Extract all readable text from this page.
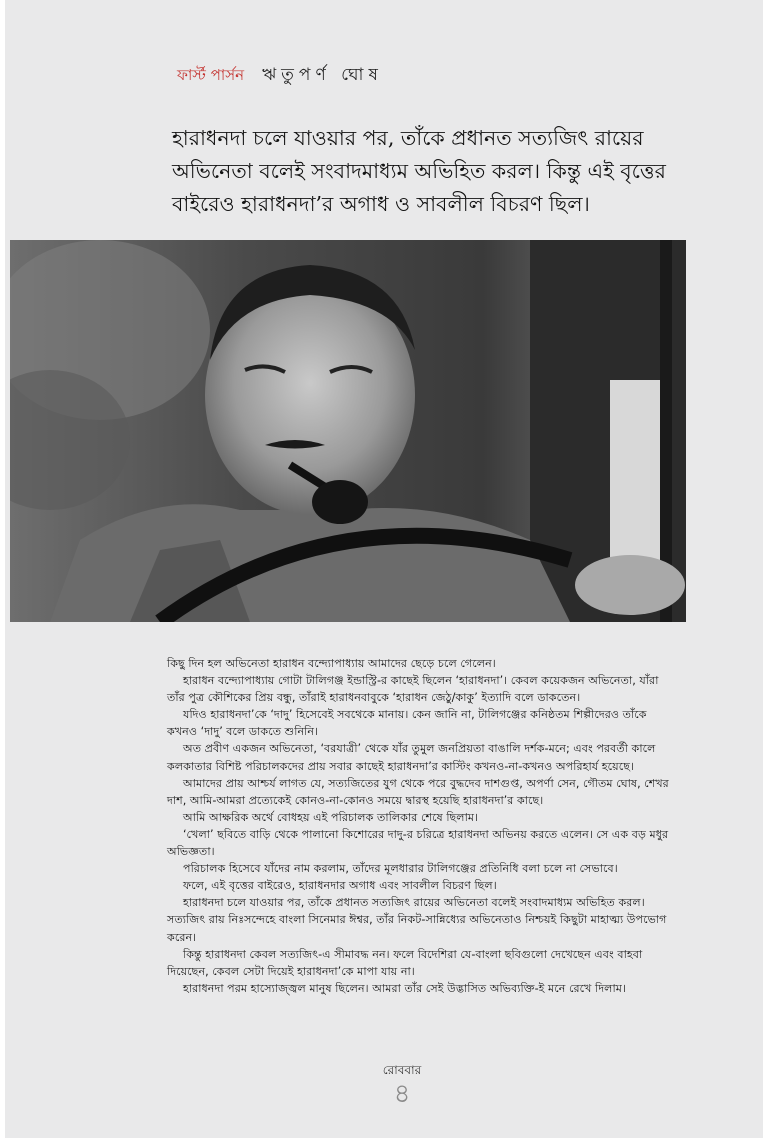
ফার্স্ট পার্সন ঋতুপর্ণ ঘোষ

হারাধনদা চলে যাওয়ার পর, তাঁকে প্রধানত সত্যজিৎ রায়ের

অভিনেতা বলেই সংবাদমাধ্যম অভিহিত করল। কিন্তু এই বৃত্তের

বাইরেও হারাধনদা’র অগাধ ও সাবলীল বিচরণ ছিল।

কিছু দিন হল অভিনেতা হারাধন বন্দ্যোপাধ্যায় আমাদের ছেড়ে চলে গেলেন।

হারাধন বন্দ্যোপাধ্যায় গোটা টালিগঞ্জ ইন্ডাস্ট্রি-র কাছেই ছিলেন ‘হারাধনদা’। কেবল কয়েকজন অভিনেতা, যাঁরা তাঁর পুত্র কৌশিকের প্রিয় বন্ধু, তাঁরাই হারাধনবাবুকে ‘হারাধন জেঠু/কাকু’ ইত্যাদি বলে ডাকতেন।

যদিও হারাধনদা’কে ‘দাদু’ হিসেবেই সবথেকে মানায়। কেন জানি না, টালিগঞ্জের কনিষ্ঠতম শিল্পীদেরও তাঁকে কখনও ‘দাদু’ বলে ডাকতে শুনিনি।

অত প্রবীণ একজন অভিনেতা, ‘বরযাত্রী’ থেকে যাঁর তুমুল জনপ্রিয়তা বাঙালি দর্শক-মনে; এবং পরবর্তী কালে কলকাতার বিশিষ্ট পরিচালকদের প্রায় সবার কাছেই হারাধনদা’র কাস্টিং কখনও-না-কখনও অপরিহার্য হয়েছে।

আমাদের প্রায় আশ্চর্য লাগত যে, সত্যজিতের যুগ থেকে পরে বুদ্ধদেব দাশগুপ্ত, অপর্ণা সেন, গৌতম ঘোষ, শেখর দাশ, আমি-আমরা প্রত্যেকেই কোনও-না-কোনও সময়ে দ্বারস্থ হয়েছি হারাধনদা’র কাছে।

আমি আক্ষরিক অর্থে বোধহয় এই পরিচালক তালিকার শেষে ছিলাম।

‘খেলা’ ছবিতে বাড়ি থেকে পালানো কিশোরের দাদু-র চরিত্রে হারাধনদা অভিনয় করতে এলেন। সে এক বড় মধুর অভিজ্ঞতা।

পরিচালক হিসেবে যাঁদের নাম করলাম, তাঁদের মূলধারার টালিগঞ্জের প্রতিনিধি বলা চলে না সেভাবে।

ফলে, এই বৃত্তের বাইরেও, হারাধনদার অগাধ এবং সাবলীল বিচরণ ছিল।

হারাধনদা চলে যাওয়ার পর, তাঁকে প্রধানত সত্যজিৎ রায়ের অভিনেতা বলেই সংবাদমাধ্যম অভিহিত করল। সত্যজিৎ রায় নিঃসন্দেহে বাংলা সিনেমার ঈশ্বর, তাঁর নিকট-সান্নিধ্যের অভিনেতাও নিশ্চয়ই কিছুটা মাহাত্ম্য উপভোগ করেন।

কিন্তু হারাধনদা কেবল সত্যজিৎ-এ সীমাবদ্ধ নন। ফলে বিদেশিরা যে-বাংলা ছবিগুলো দেখেছেন এবং বাহবা দিয়েছেন, কেবল সেটা দিয়েই হারাধনদা’কে মাপা যায় না।

হারাধনদা পরম হাস্যোজ্জ্বল মানুষ ছিলেন। আমরা তাঁর সেই উদ্ভাসিত অভিব্যক্তি-ই মনে রেখে দিলাম।

রোববার
৪
